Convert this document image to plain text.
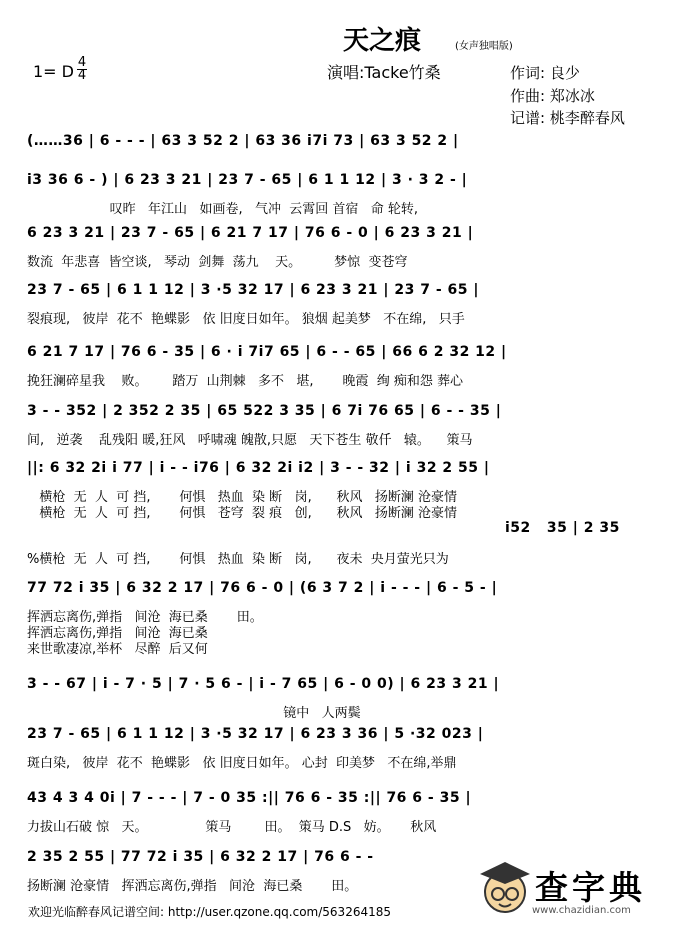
天之痕	(女声独唱版)
1= D 4
4	演唱:Tacke竹桑	作词: 良少
作曲: 郑冰冰
记谱: 桃李醉春风
(……36 | 6 - - - | 63 3 52 2 | 63 36 i7i 73 | 63 3 52 2 |
i3 36 6 - ) | 6 23 3 21 | 23 7 - 65 | 6 1 1 12 | 3 · 3 2 - |
叹昨   年江山   如画卷,   气冲  云霄回 首宿   命 轮转,
6 23 3 21 | 23 7 - 65 | 6 21 7 17 | 76 6 - 0 | 6 23 3 21 |
数流  年悲喜  皆空谈,   琴动  剑舞  荡九    天。        梦惊  变苍穹
23 7 - 65 | 6 1 1 12 | 3 ·5 32 17 | 6 23 3 21 | 23 7 - 65 |
裂痕现,   彼岸  花不  艳蝶影   依 旧度日如年。 狼烟 起美梦   不在绵,   只手
6 21 7 17 | 76 6 - 35 | 6 · i 7i7 65 | 6 - - 65 | 66 6 2 32 12 |
挽狂澜碎星我    败。      踏万  山荆棘   多不   堪,       晚霞  绚 痴和怨 葬心
3 - - 352 | 2 352 2 35 | 65 522 3 35 | 6 7i 76 65 | 6 - - 35 |
间,   逆袭    乱残阳 暖,狂风   呼啸魂 魄散,只愿   天下苍生 敬仟   辕。    策马
||: 6 32 2i i 77 | i - - i76 | 6 32 2i i2 | 3 - - 32 | i 32 2 55 |
横枪  无  人  可 挡,       何惧   热血  染 断   岗,      秋风   扬断澜 沧豪情
横枪  无  人  可 挡,       何惧   苍穹  裂 痕   创,      秋风   扬断澜 沧豪情
i52   35 | 2 35
%横枪  无  人  可 挡,       何惧   热血  染 断   岗,      夜未  央月萤光只为
77 72 i 35 | 6 32 2 17 | 76 6 - 0 | (6 3 7 2 | i - - - | 6 - 5 - |
挥洒忘离伤,弹指   间沧  海已桑       田。
挥洒忘离伤,弹指   间沧  海已桑
来世歌凄凉,举杯   尽醉  后又何
3 - - 67 | i - 7 · 5 | 7 · 5 6 - | i - 7 65 | 6 - 0 0) | 6 23 3 21 |
镜中   人两鬓
23 7 - 65 | 6 1 1 12 | 3 ·5 32 17 | 6 23 3 36 | 5 ·32 023 |
斑白染,   彼岸  花不  艳蝶影   依 旧度日如年。 心封  印美梦   不在绵,举鼎
43 4 3 4 0i | 7 - - - | 7 - 0 35 :|| 76 6 - 35 :|| 76 6 - 35 |
力拔山石破 惊   天。              策马        田。  策马 D.S   妨。     秋风
2 35 2 55 | 77 72 i 35 | 6 32 2 17 | 76 6 - -
扬断澜 沧豪情   挥洒忘离伤,弹指   间沧  海已桑       田。
欢迎光临醉春风记谱空间: http://user.qzone.qq.com/563264185
查字典
www.chazidian.com
